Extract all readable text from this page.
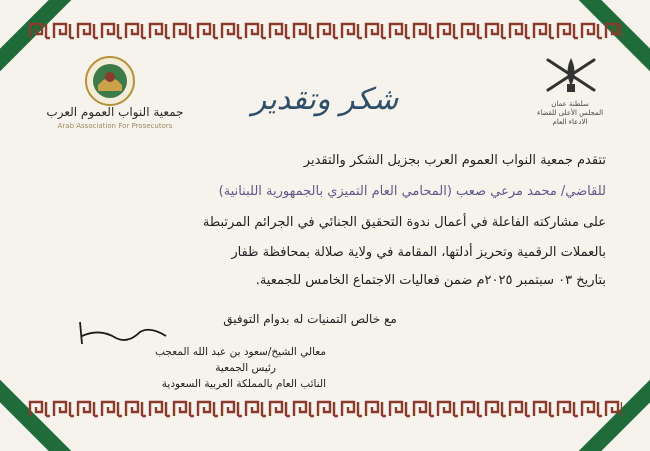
جمعية النواب العموم العرب
Arab Association For Prosecutors
سلطنة عمان
المجلس الأعلى للقضاء
الادعاء العام
شكر وتقدير
تتقدم جمعية النواب العموم العرب بجزيل الشكر والتقدير
للقاضي/ محمد مرعي صعب (المحامي العام التميزي بالجمهورية اللبنانية)
على مشاركته الفاعلة في أعمال ندوة التحقيق الجنائي في الجرائم المرتبطة
بالعملات الرقمية وتحريز أدلتها، المقامة في ولاية صلالة بمحافظة ظفار
بتاريخ ٠٣ سبتمبر ٢٠٢٥م ضمن فعاليات الاجتماع الخامس للجمعية.
مع خالص التمنيات له بدوام التوفيق
معالي الشيخ/سعود بن عبد الله المعجب
رئيس الجمعية
النائب العام بالمملكة العربية السعودية
